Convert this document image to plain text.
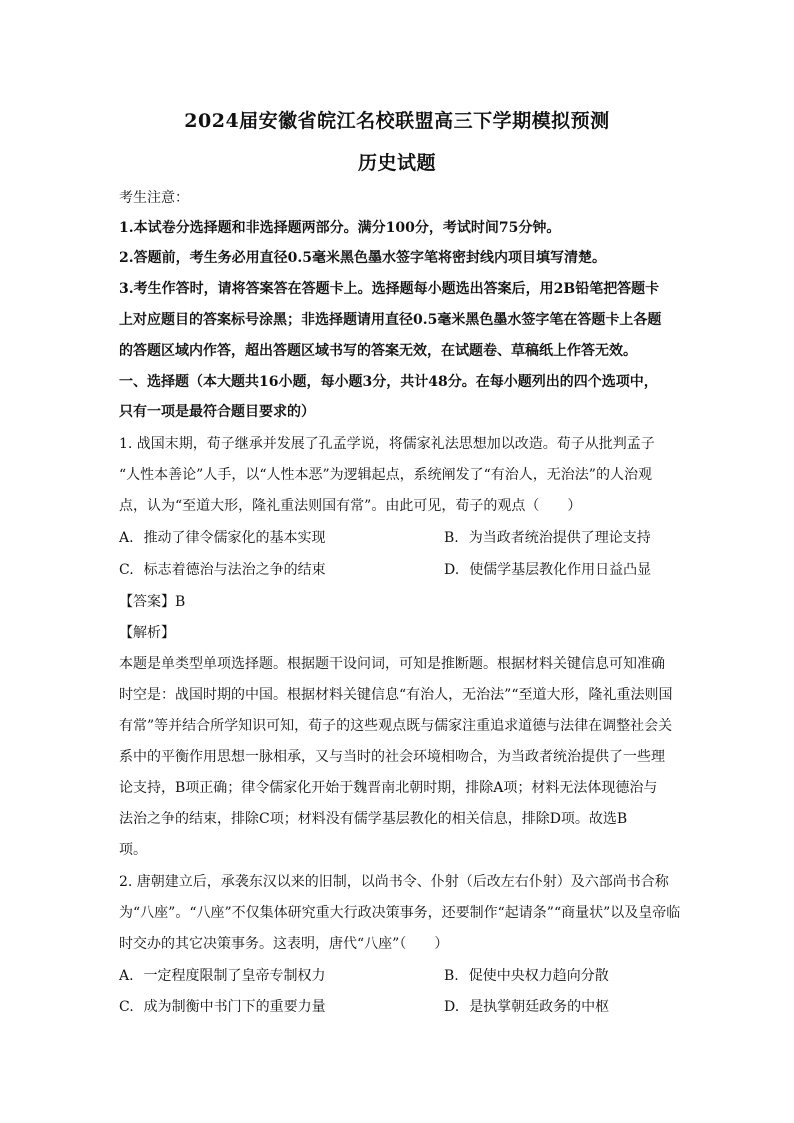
2024届安徽省皖江名校联盟高三下学期模拟预测
历史试题
考生注意：
1.本试卷分选择题和非选择题两部分。满分100分，考试时间75分钟。
2.答题前，考生务必用直径0.5毫米黑色墨水签字笔将密封线内项目填写清楚。
3.考生作答时，请将答案答在答题卡上。选择题每小题选出答案后，用2B铅笔把答题卡
上对应题目的答案标号涂黑；非选择题请用直径0.5毫米黑色墨水签字笔在答题卡上各题
的答题区域内作答，超出答题区域书写的答案无效，在试题卷、草稿纸上作答无效。
一、选择题（本大题共16小题，每小题3分，共计48分。在每小题列出的四个选项中，
只有一项是最符合题目要求的）
1. 战国末期，荀子继承并发展了孔孟学说，将儒家礼法思想加以改造。荀子从批判孟子
“人性本善论”人手，以“人性本恶”为逻辑起点，系统阐发了“有治人，无治法”的人治观
点，认为“至道大形，隆礼重法则国有常”。由此可见，荀子的观点（　　）
A. 推动了律令儒家化的基本实现	B. 为当政者统治提供了理论支持
C. 标志着德治与法治之争的结束	D. 使儒学基层教化作用日益凸显
【答案】B
【解析】
本题是单类型单项选择题。根据题干设问词，可知是推断题。根据材料关键信息可知准确
时空是：战国时期的中国。根据材料关键信息“有治人，无治法”“至道大形，隆礼重法则国
有常”等并结合所学知识可知，荀子的这些观点既与儒家注重追求道德与法律在调整社会关
系中的平衡作用思想一脉相承，又与当时的社会环境相吻合，为当政者统治提供了一些理
论支持，B项正确；律令儒家化开始于魏晋南北朝时期，排除A项；材料无法体现德治与
法治之争的结束，排除C项；材料没有儒学基层教化的相关信息，排除D项。故选B
项。
2. 唐朝建立后，承袭东汉以来的旧制，以尚书令、仆射（后改左右仆射）及六部尚书合称
为“八座”。“八座”不仅集体研究重大行政决策事务，还要制作“起请条”“商量状”以及皇帝临
时交办的其它决策事务。这表明，唐代“八座”（　　）
A. 一定程度限制了皇帝专制权力	B. 促使中央权力趋向分散
C. 成为制衡中书门下的重要力量	D. 是执掌朝廷政务的中枢
